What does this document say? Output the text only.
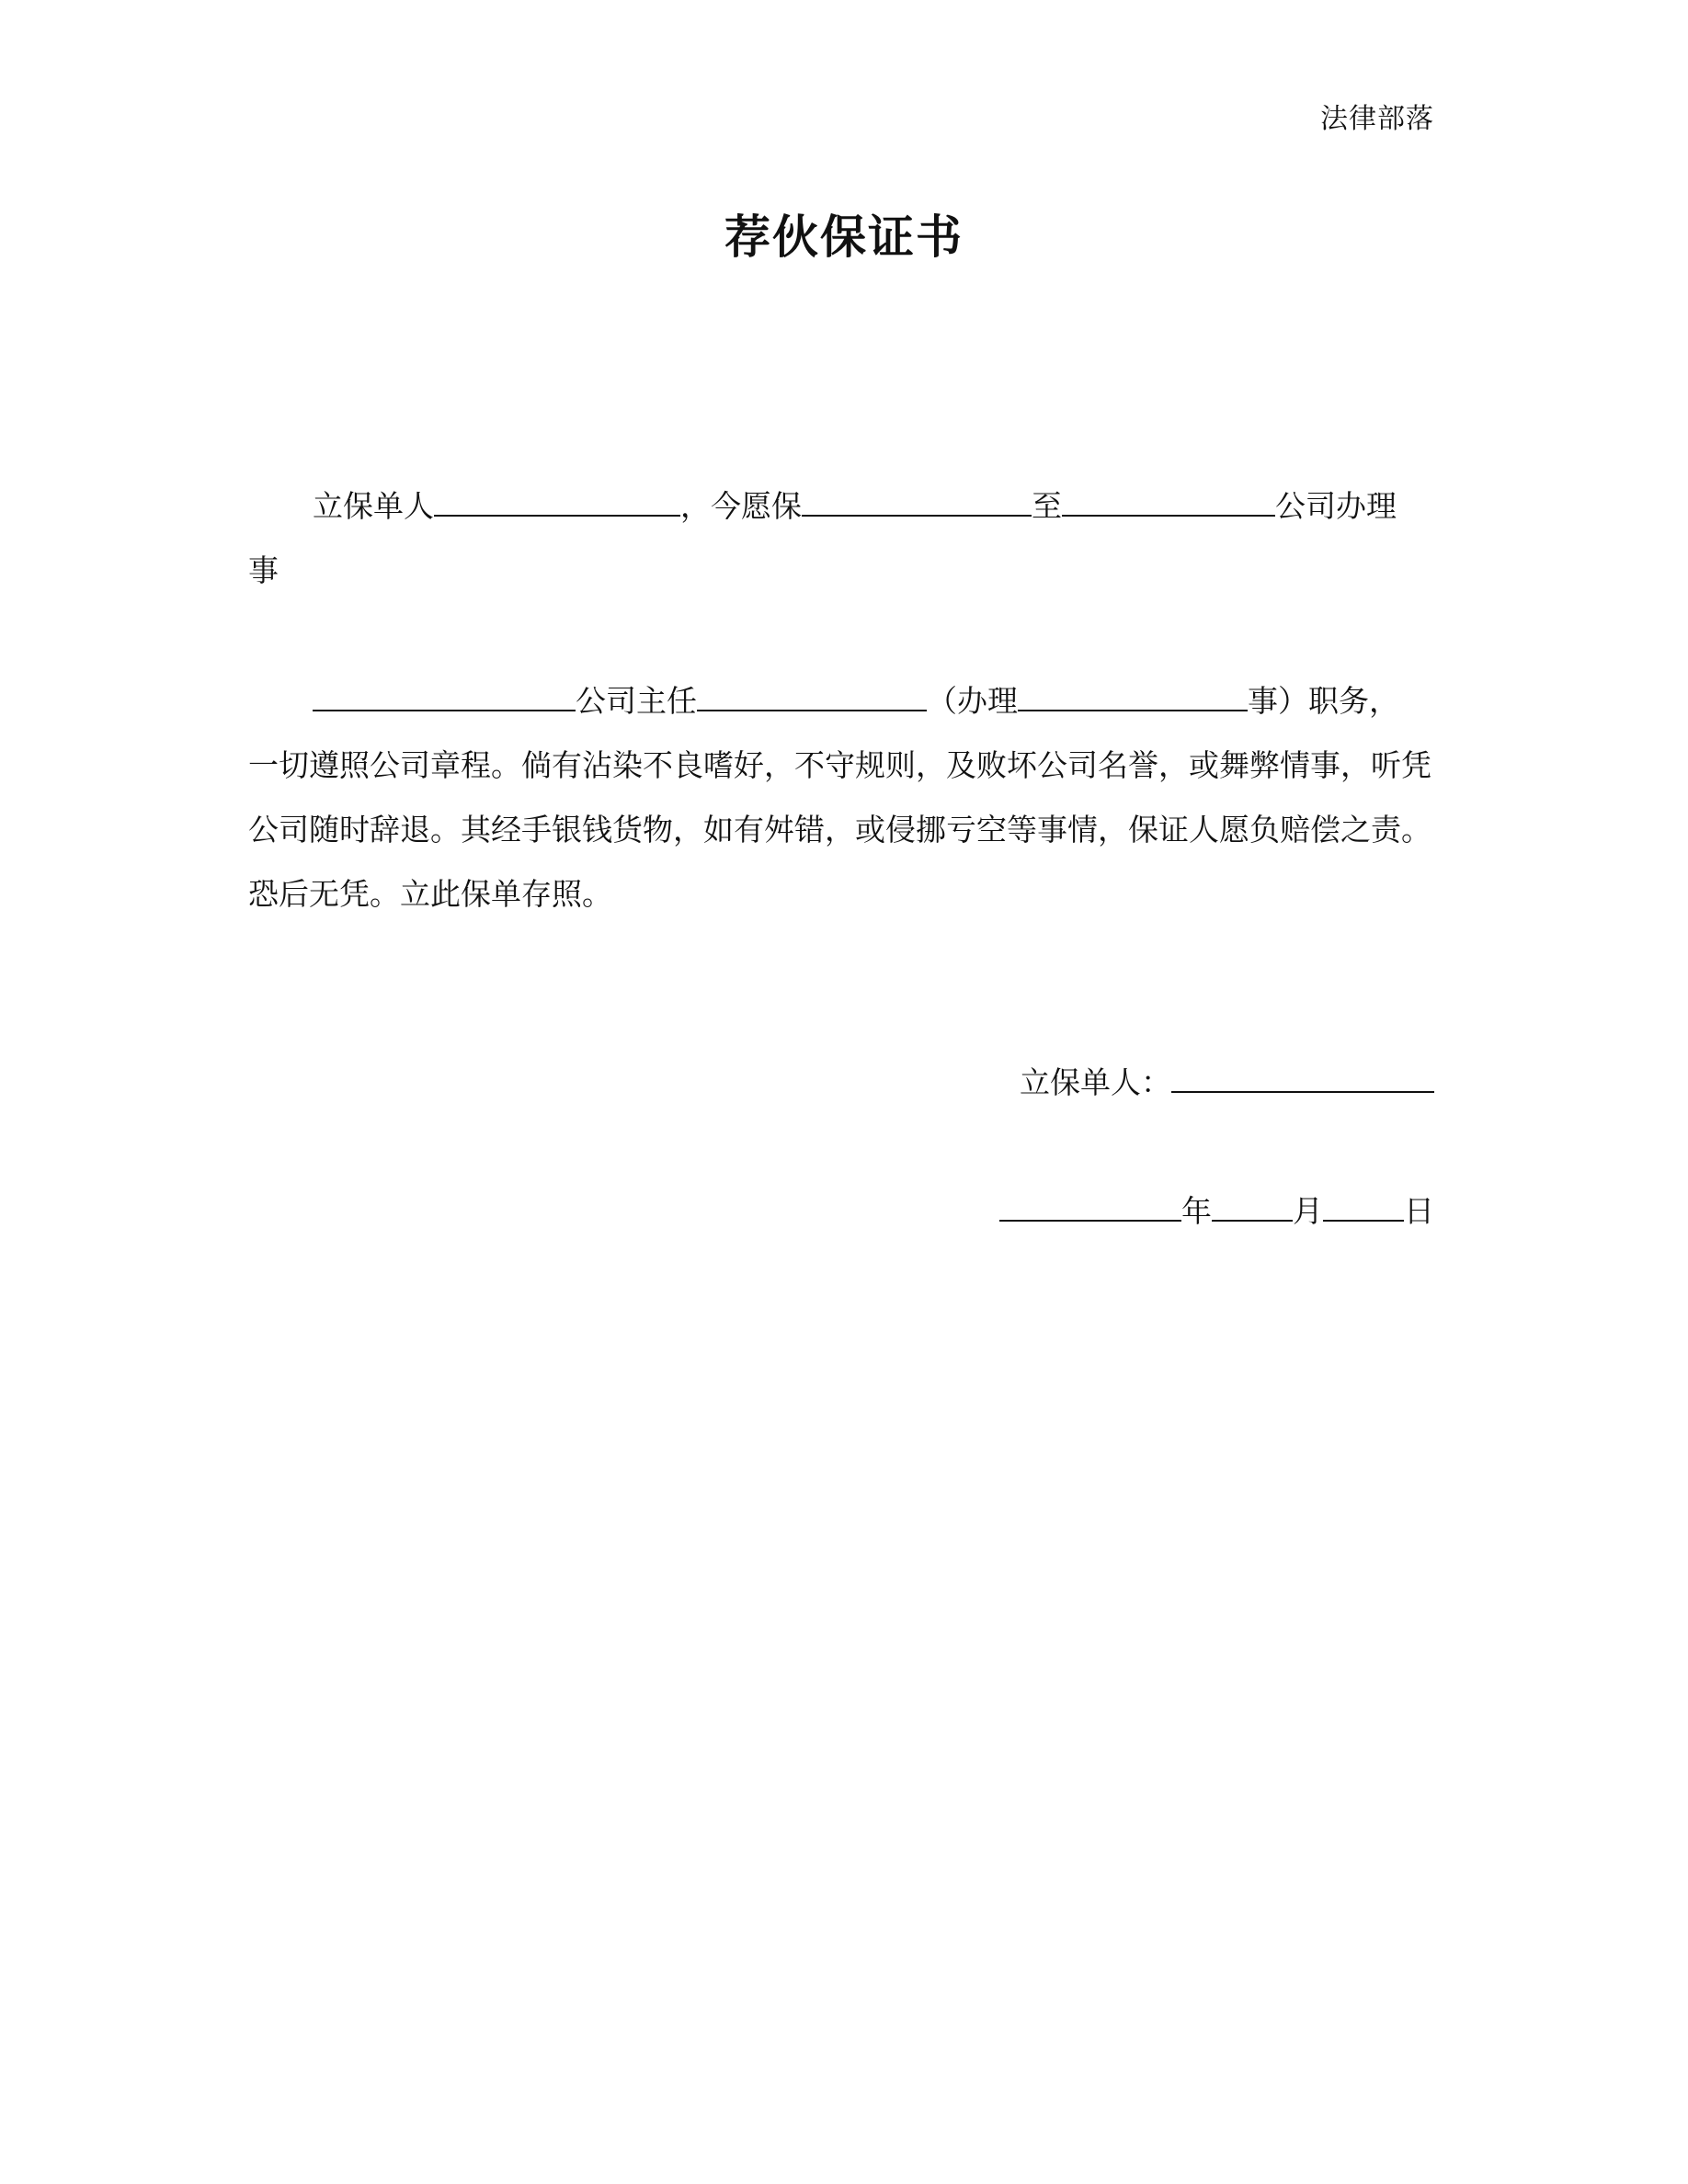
法律部落
荐伙保证书
立保单人	，今愿保	至	公司办理
事
公司主任	（办理	事）职务，
一切遵照公司章程。倘有沾染不良嗜好，不守规则，及败坏公司名誉，或舞弊情事，听凭公司随时辞退。其经手银钱货物，如有舛错，或侵挪亏空等事情，保证人愿负赔偿之责。恐后无凭。立此保单存照。
立保单人：
年	月	日
